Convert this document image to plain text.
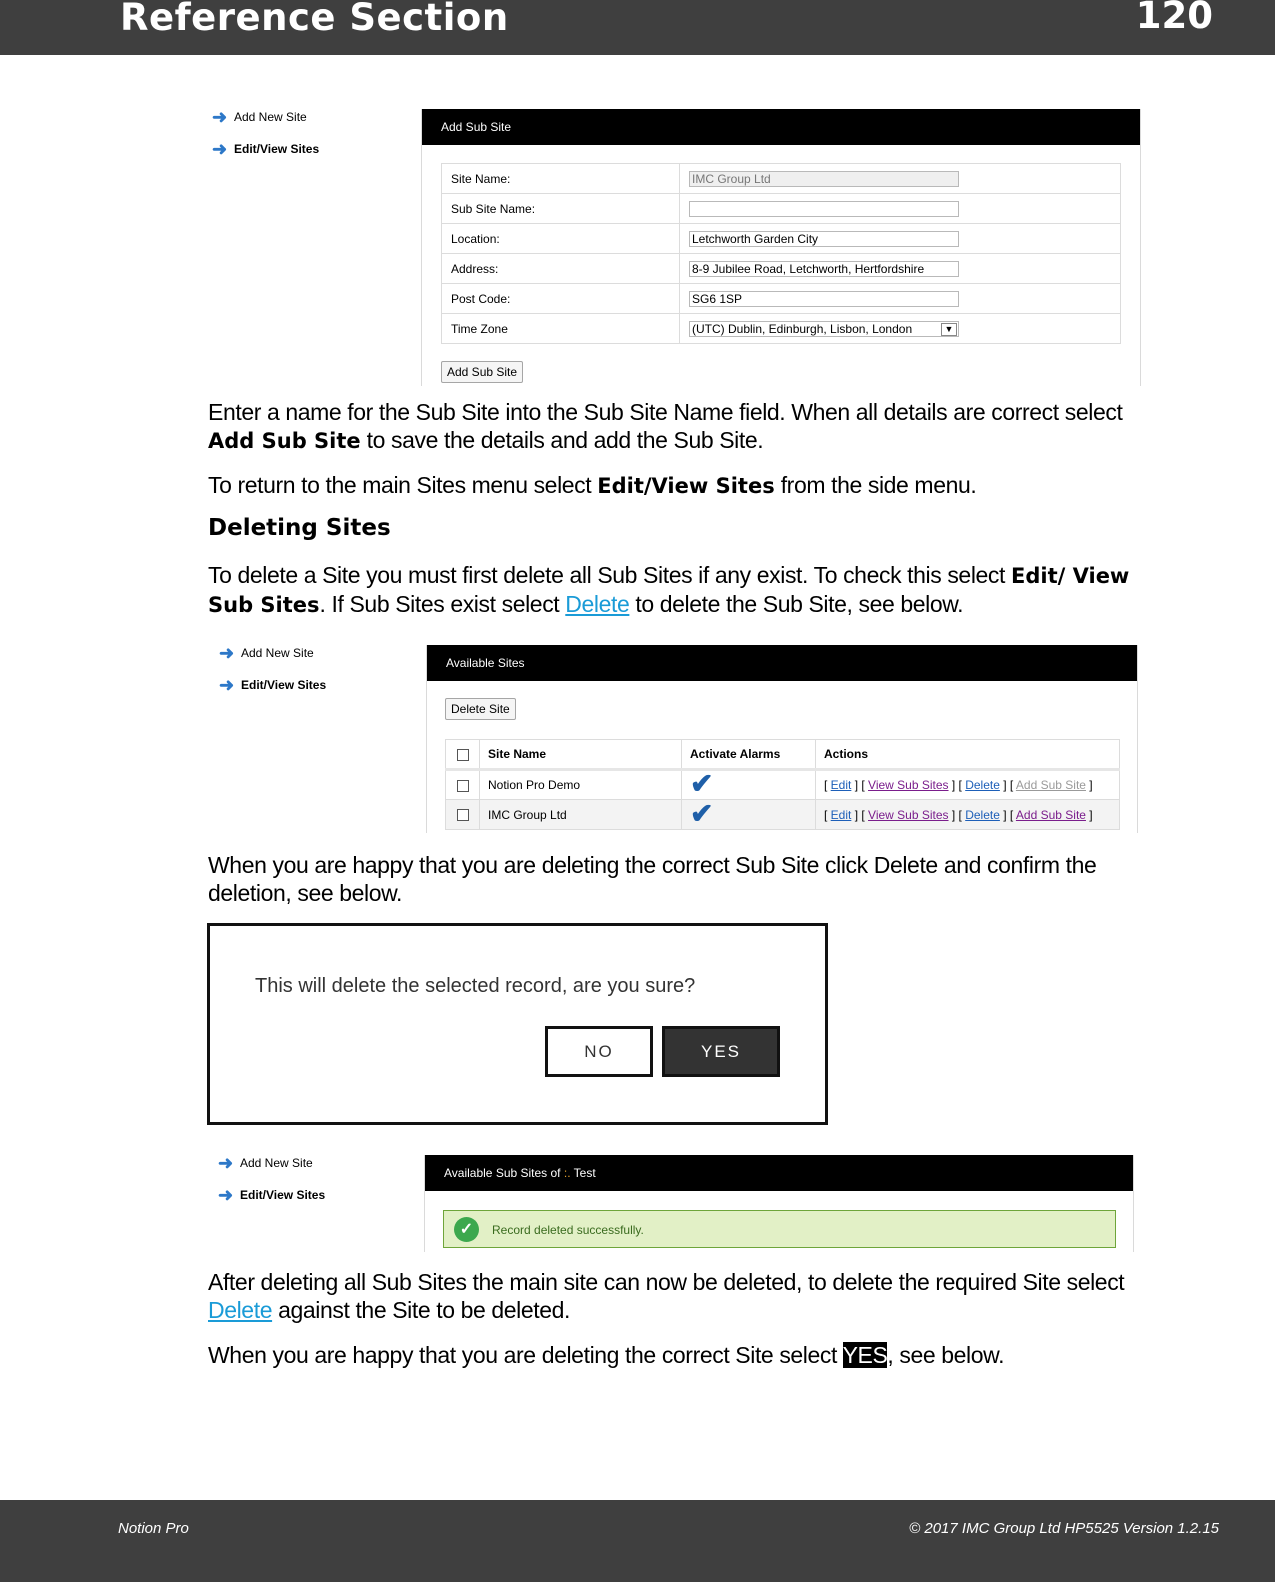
Reference Section	120
➜ Add New Site
➜ Edit/View Sites
Add Sub Site
Site Name:	IMC Group Ltd

Sub Site Name:	

Location:	Letchworth Garden City

Address:	8-9 Jubilee Road, Letchworth, Hertfordshire

Post Code:	SG6 1SP

Time Zone	(UTC) Dublin, Edinburgh, Lisbon, London ▼
Add Sub Site
Enter a name for the Sub Site into the Sub Site Name field. When all details are correct select Add Sub Site to save the details and add the Sub Site.
To return to the main Sites menu select Edit/View Sites from the side menu.
Deleting Sites
To delete a Site you must first delete all Sub Sites if any exist. To check this select Edit/ View Sub Sites. If Sub Sites exist select Delete to delete the Sub Site, see below.
➜ Add New Site
➜ Edit/View Sites
Available Sites
Delete Site
	Site Name	Activate Alarms	Actions
	Notion Pro Demo	✔	[ Edit ] [ View Sub Sites ] [ Delete ] [ Add Sub Site ]
	IMC Group Ltd	✔	[ Edit ] [ View Sub Sites ] [ Delete ] [ Add Sub Site ]
When you are happy that you are deleting the correct Sub Site click Delete and confirm the deletion, see below.
This will delete the selected record, are you sure?
NO	YES
➜ Add New Site
➜ Edit/View Sites
Available Sub Sites of :. Test
✓	Record deleted successfully.
After deleting all Sub Sites the main site can now be deleted, to delete the required Site select Delete against the Site to be deleted.
When you are happy that you are deleting the correct Site select YES, see below.
Notion Pro	© 2017 IMC Group Ltd HP5525 Version 1.2.15
